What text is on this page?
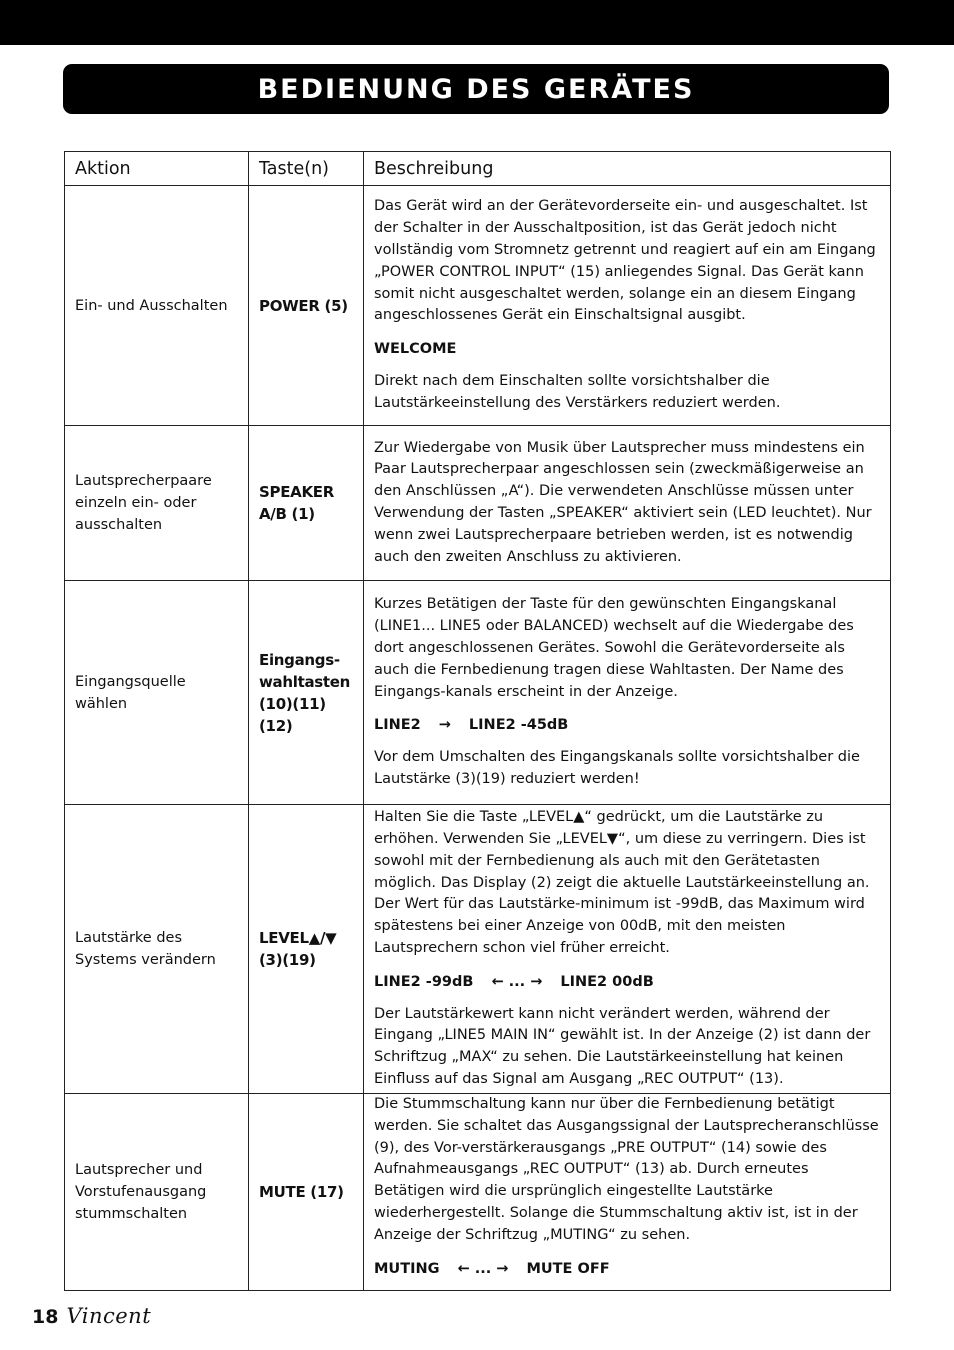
BEDIENUNG DES GERÄTES
Aktion	Taste(n)	Beschreibung
Ein- und Ausschalten	POWER (5)	Das Gerät wird an der Gerätevorderseite ein- und ausgeschaltet. Ist der Schalter in der Ausschaltposition, ist das Gerät jedoch nicht vollständig vom Stromnetz getrennt und reagiert auf ein am Eingang „POWER CONTROL INPUT“ (15) anliegendes Signal. Das Gerät kann somit nicht ausgeschaltet werden, solange ein an diesem Eingang angeschlossenes Gerät ein Einschaltsignal ausgibt.

WELCOME

Direkt nach dem Einschalten sollte vorsichtshalber die Lautstärkeeinstellung des Verstärkers reduziert werden.

Lautsprecherpaare einzeln ein- oder ausschalten	SPEAKER A/B (1)	Zur Wiedergabe von Musik über Lautsprecher muss mindestens ein Paar Lautsprecherpaar angeschlossen sein (zweckmäßigerweise an den Anschlüssen „A“). Die verwendeten Anschlüsse müssen unter Verwendung der Tasten „SPEAKER“ aktiviert sein (LED leuchtet). Nur wenn zwei Lautsprecherpaare betrieben werden, ist es notwendig auch den zweiten Anschluss zu aktivieren.

Eingangsquelle wählen	Eingangs-wahltasten (10)(11)(12)	Kurzes Betätigen der Taste für den gewünschten Eingangskanal (LINE1... LINE5 oder BALANCED) wechselt auf die Wiedergabe des dort angeschlossenen Gerätes. Sowohl die Gerätevorderseite als auch die Fernbedienung tragen diese Wahltasten. Der Name des Eingangs-kanals erscheint in der Anzeige.

LINE2 → LINE2 -45dB

Vor dem Umschalten des Eingangskanals sollte vorsichtshalber die Lautstärke (3)(19) reduziert werden!

Lautstärke des Systems verändern	LEVEL▲/▼ (3)(19)	Halten Sie die Taste „LEVEL▲“ gedrückt, um die Lautstärke zu erhöhen. Verwenden Sie „LEVEL▼“, um diese zu verringern. Dies ist sowohl mit der Fernbedienung als auch mit den Gerätetasten möglich. Das Display (2) zeigt die aktuelle Lautstärkeeinstellung an. Der Wert für das Lautstärke-minimum ist -99dB, das Maximum wird spätestens bei einer Anzeige von 00dB, mit den meisten Lautsprechern schon viel früher erreicht.

LINE2 -99dB ← ... → LINE2 00dB

Der Lautstärkewert kann nicht verändert werden, während der Eingang „LINE5 MAIN IN“ gewählt ist. In der Anzeige (2) ist dann der Schriftzug „MAX“ zu sehen. Die Lautstärkeeinstellung hat keinen Einfluss auf das Signal am Ausgang „REC OUTPUT“ (13).

Lautsprecher und Vorstufenausgang stummschalten	MUTE (17)	Die Stummschaltung kann nur über die Fernbedienung betätigt werden. Sie schaltet das Ausgangssignal der Lautsprecheranschlüsse (9), des Vor-verstärkerausgangs „PRE OUTPUT“ (14) sowie des Aufnahmeausgangs „REC OUTPUT“ (13) ab. Durch erneutes Betätigen wird die ursprünglich eingestellte Lautstärke wiederhergestellt. Solange die Stummschaltung aktiv ist, ist in der Anzeige der Schriftzug „MUTING“ zu sehen.

MUTING ← ... → MUTE OFF
18 Vincent
